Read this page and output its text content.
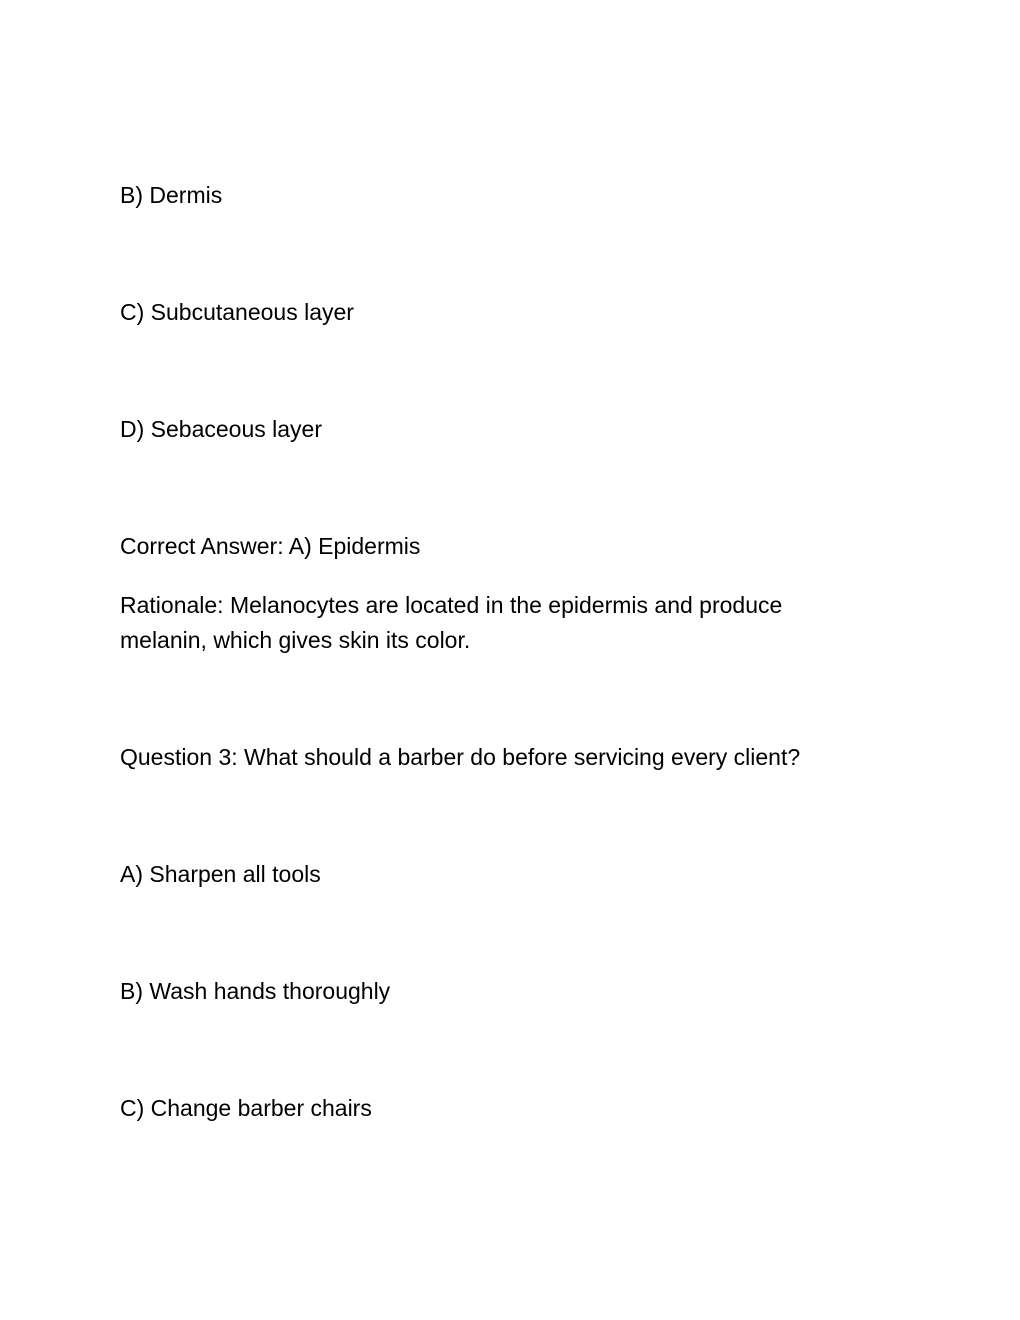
B) Dermis
C) Subcutaneous layer
D) Sebaceous layer
Correct Answer: A) Epidermis
Rationale: Melanocytes are located in the epidermis and produce melanin, which gives skin its color.
Question 3: What should a barber do before servicing every client?
A) Sharpen all tools
B) Wash hands thoroughly
C) Change barber chairs
